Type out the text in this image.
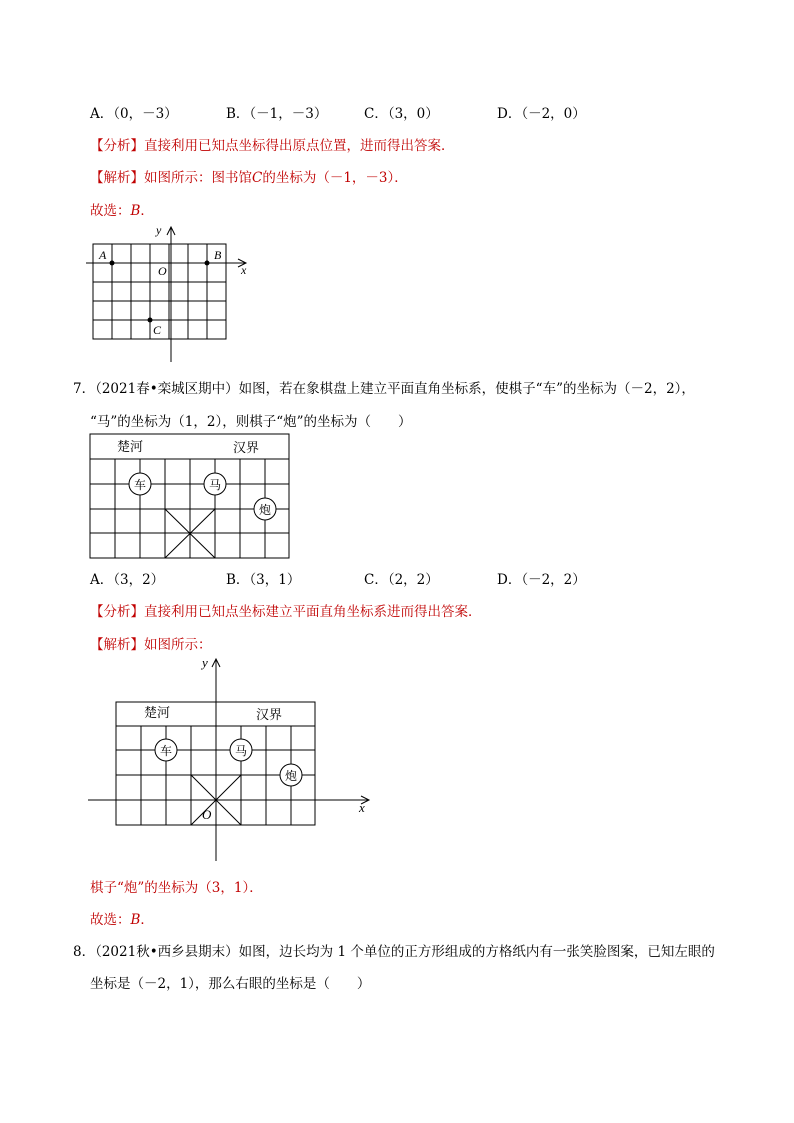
A．（0，－3）	B．（－1，－3）	C．（3，0）	D．（－2，0）
【分析】直接利用已知点坐标得出原点位置，进而得出答案．
【解析】如图所示：图书馆C的坐标为（－1，－3）．
故选：B．
y
x
O
A	B
C
7．（2021春•栾城区期中）如图，若在象棋盘上建立平面直角坐标系，使棋子“车”的坐标为（－2，2），
“马”的坐标为（1，2），则棋子“炮”的坐标为（　　）
楚河	汉界
车	马
炮
A．（3，2）	B．（3，1）	C．（2，2）	D．（－2，2）
【分析】直接利用已知点坐标建立平面直角坐标系进而得出答案．
【解析】如图所示：
y
x
O
楚河	汉界
车	马
炮
棋子“炮”的坐标为（3，1）．
故选：B．
8．（2021秋•西乡县期末）如图，边长均为 1 个单位的正方形组成的方格纸内有一张笑脸图案，已知左眼的
坐标是（－2，1），那么右眼的坐标是（　　）
